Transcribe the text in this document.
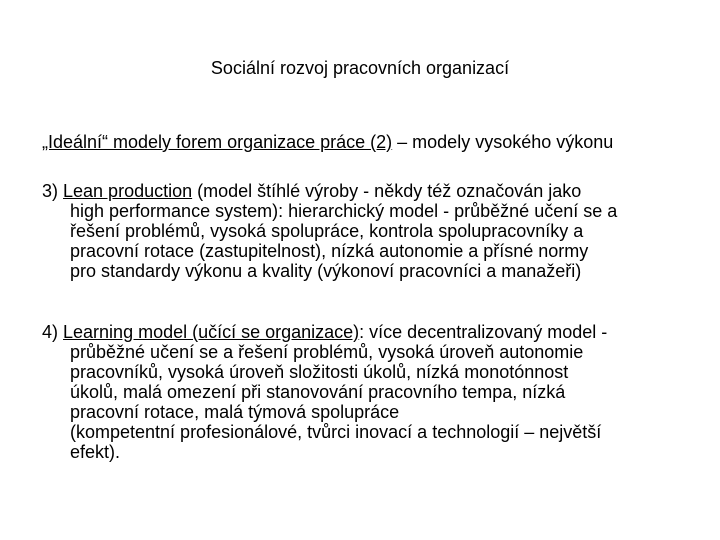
Sociální rozvoj pracovních organizací
„Ideální“ modely forem organizace práce (2) – modely vysokého výkonu
3) Lean production (model štíhlé výroby - někdy též označován jako
high performance system): hierarchický model - průběžné učení se a
řešení problémů, vysoká spolupráce, kontrola spolupracovníky a
pracovní rotace (zastupitelnost), nízká autonomie a přísné normy
pro standardy výkonu a kvality (výkonoví pracovníci a manažeři)
4) Learning model (učící se organizace): více decentralizovaný model -
průběžné učení se a řešení problémů, vysoká úroveň autonomie
pracovníků, vysoká úroveň složitosti úkolů, nízká monotónnost
úkolů, malá omezení při stanovování pracovního tempa, nízká
pracovní rotace, malá týmová spolupráce
(kompetentní profesionálové, tvůrci inovací a technologií – největší
efekt).
